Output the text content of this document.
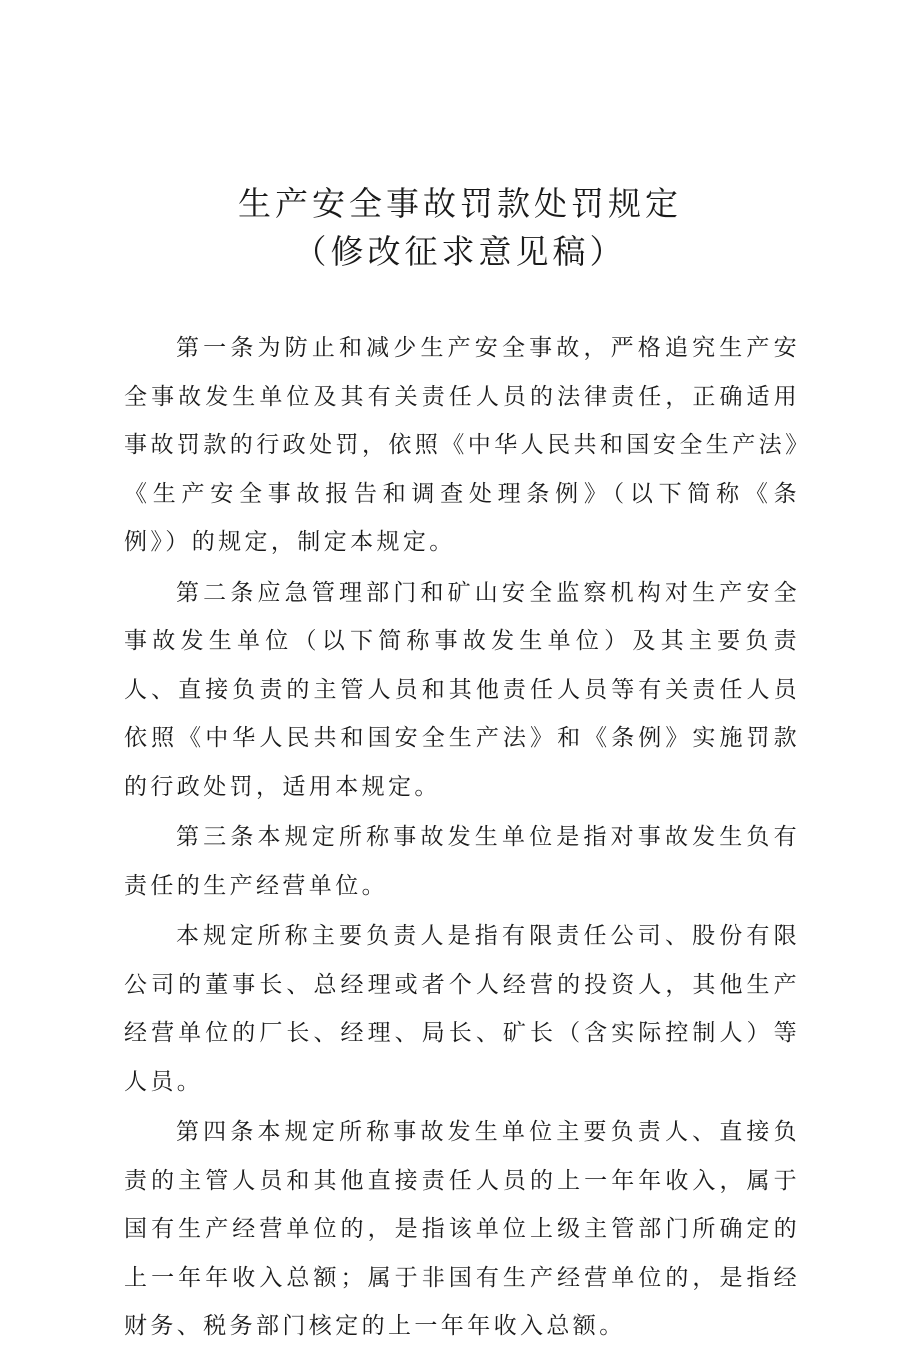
生产安全事故罚款处罚规定
（修改征求意见稿）

第一条为防止和减少生产安全事故，严格追究生产安全事故发生单位及其有关责任人员的法律责任，正确适用事故罚款的行政处罚，依照《中华人民共和国安全生产法》《生产安全事故报告和调查处理条例》（以下简称《条例》）的规定，制定本规定。

第二条应急管理部门和矿山安全监察机构对生产安全事故发生单位（以下简称事故发生单位）及其主要负责人、直接负责的主管人员和其他责任人员等有关责任人员依照《中华人民共和国安全生产法》和《条例》实施罚款的行政处罚，适用本规定。

第三条本规定所称事故发生单位是指对事故发生负有责任的生产经营单位。

本规定所称主要负责人是指有限责任公司、股份有限公司的董事长、总经理或者个人经营的投资人，其他生产经营单位的厂长、经理、局长、矿长（含实际控制人）等人员。

第四条本规定所称事故发生单位主要负责人、直接负责的主管人员和其他直接责任人员的上一年年收入，属于国有生产经营单位的，是指该单位上级主管部门所确定的上一年年收入总额；属于非国有生产经营单位的，是指经财务、税务部门核定的上一年年收入总额。
